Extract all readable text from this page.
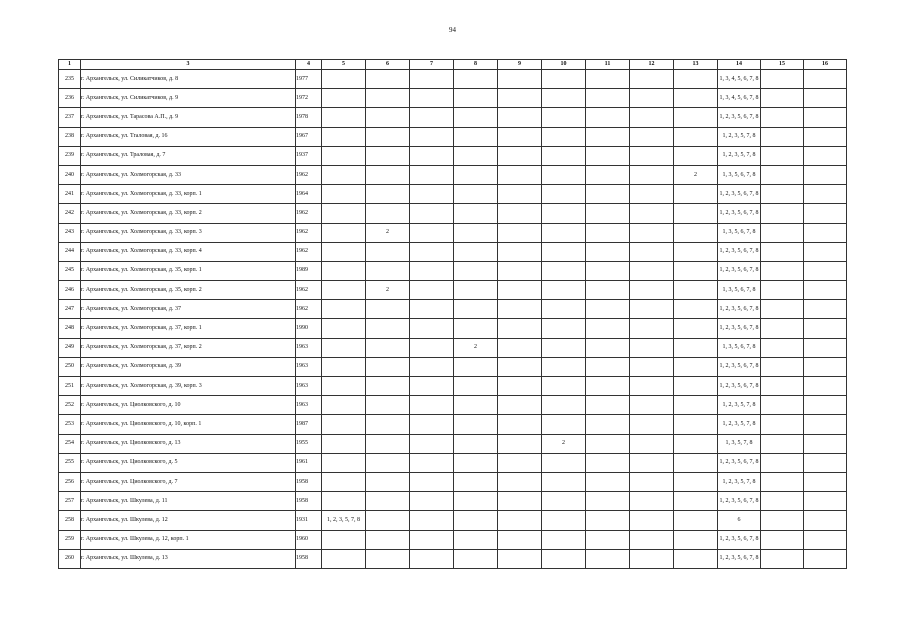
94
1	3	4	5	6	7	8	9	10	11	12	13	14	15	16
235	г. Архангельск, ул. Силикатчиков, д. 8	1977										1, 3, 4, 5, 6, 7, 8		
236	г. Архангельск, ул. Силикатчиков, д. 9	1972										1, 3, 4, 5, 6, 7, 8		
237	г. Архангельск, ул. Тарасова А.П., д. 9	1978										1, 2, 3, 5, 6, 7, 8		
238	г. Архангельск, ул. Тraловая, д. 16	1967										1, 2, 3, 5, 7, 8		
239	г. Архангельск, ул. Траловая, д. 7	1937										1, 2, 3, 5, 7, 8		
240	г. Архангельск, ул. Холмогорская, д. 33	1962									2	1, 3, 5, 6, 7, 8		
241	г. Архангельск, ул. Холмогорская, д. 33, корп. 1	1964										1, 2, 3, 5, 6, 7, 8		
242	г. Архангельск, ул. Холмогорская, д. 33, корп. 2	1962										1, 2, 3, 5, 6, 7, 8		
243	г. Архангельск, ул. Холмогорская, д. 33, корп. 3	1962		2								1, 3, 5, 6, 7, 8		
244	г. Архангельск, ул. Холмогорская, д. 33, корп. 4	1962										1, 2, 3, 5, 6, 7, 8		
245	г. Архангельск, ул. Холмогорская, д. 35, корп. 1	1989										1, 2, 3, 5, 6, 7, 8		
246	г. Архангельск, ул. Холмогорская, д. 35, корп. 2	1962		2								1, 3, 5, 6, 7, 8		
247	г. Архангельск, ул. Холмогорская, д. 37	1962										1, 2, 3, 5, 6, 7, 8		
248	г. Архангельск, ул. Холмогорская, д. 37, корп. 1	1990										1, 2, 3, 5, 6, 7, 8		
249	г. Архангельск, ул. Холмогорская, д. 37, корп. 2	1963				2						1, 3, 5, 6, 7, 8		
250	г. Архангельск, ул. Холмогорская, д. 39	1963										1, 2, 3, 5, 6, 7, 8		
251	г. Архангельск, ул. Холмогорская, д. 39, корп. 3	1963										1, 2, 3, 5, 6, 7, 8		
252	г. Архангельск, ул. Циолковского, д. 10	1963										1, 2, 3, 5, 7, 8		
253	г. Архангельск, ул. Циолковского, д. 10, корп. 1	1987										1, 2, 3, 5, 7, 8		
254	г. Архангельск, ул. Циолковского, д. 13	1955						2				1, 3, 5, 7, 8		
255	г. Архангельск, ул. Циолковского, д. 5	1961										1, 2, 3, 5, 6, 7, 8		
256	г. Архангельск, ул. Циолковского, д. 7	1958										1, 2, 3, 5, 7, 8		
257	г. Архангельск, ул. Шкулева, д. 11	1958										1, 2, 3, 5, 6, 7, 8		
258	г. Архангельск, ул. Шкулева, д. 12	1931	1, 2, 3, 5, 7, 8									6		
259	г. Архангельск, ул. Шкулева, д. 12, корп. 1	1960										1, 2, 3, 5, 6, 7, 8		
260	г. Архангельск, ул. Шкулева, д. 13	1958										1, 2, 3, 5, 6, 7, 8		
